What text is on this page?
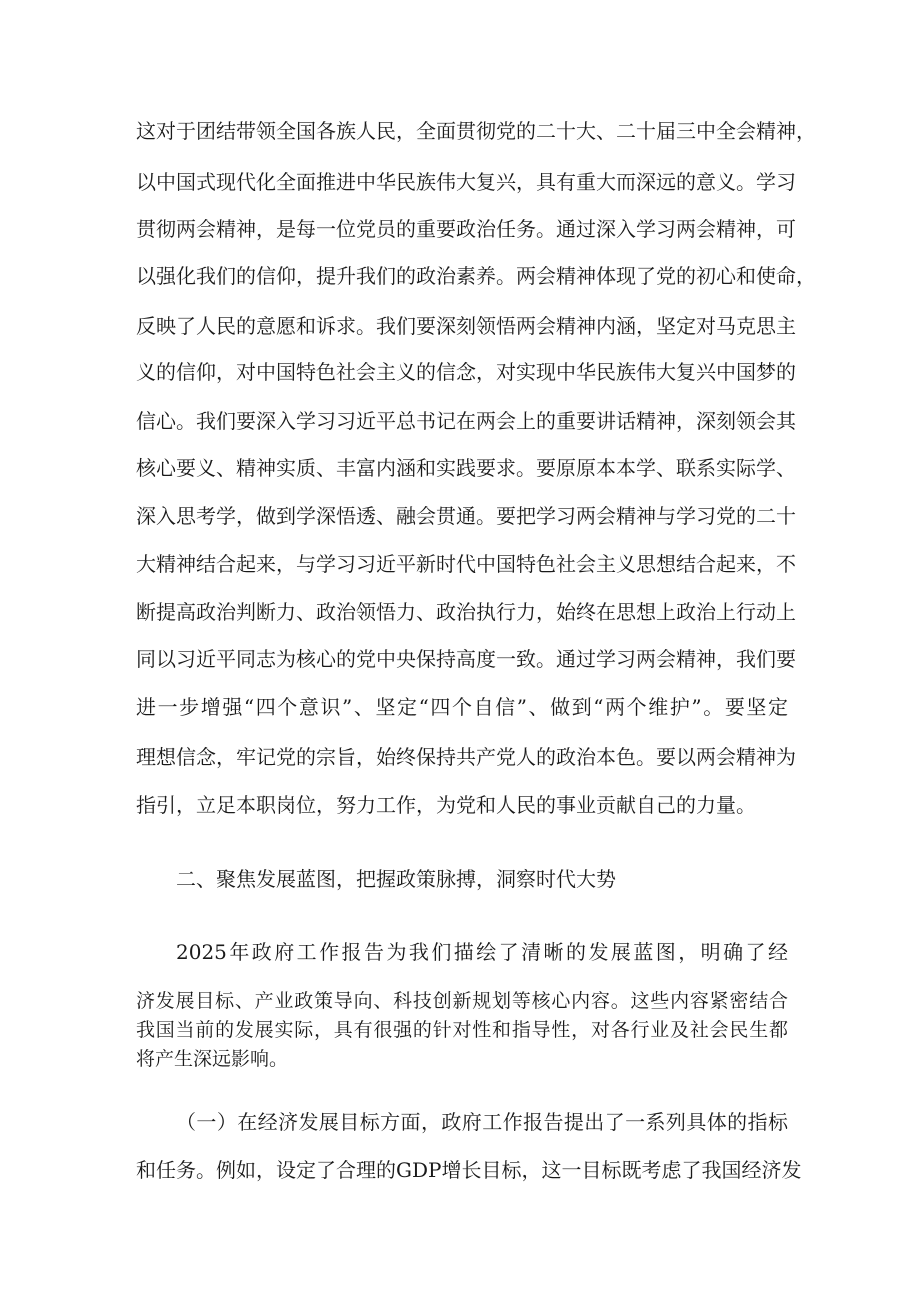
这对于团结带领全国各族人民，全面贯彻党的二十大、二十届三中全会精神，
以中国式现代化全面推进中华民族伟大复兴，具有重大而深远的意义。学习
贯彻两会精神，是每一位党员的重要政治任务。通过深入学习两会精神，可
以强化我们的信仰，提升我们的政治素养。两会精神体现了党的初心和使命，
反映了人民的意愿和诉求。我们要深刻领悟两会精神内涵，坚定对马克思主
义的信仰，对中国特色社会主义的信念，对实现中华民族伟大复兴中国梦的
信心。我们要深入学习习近平总书记在两会上的重要讲话精神，深刻领会其
核心要义、精神实质、丰富内涵和实践要求。要原原本本学、联系实际学、
深入思考学，做到学深悟透、融会贯通。要把学习两会精神与学习党的二十
大精神结合起来，与学习习近平新时代中国特色社会主义思想结合起来，不
断提高政治判断力、政治领悟力、政治执行力，始终在思想上政治上行动上
同以习近平同志为核心的党中央保持高度一致。通过学习两会精神，我们要
进一步增强“四个意识”、坚定“四个自信”、做到“两个维护”。要坚定
理想信念，牢记党的宗旨，始终保持共产党人的政治本色。要以两会精神为
指引，立足本职岗位，努力工作，为党和人民的事业贡献自己的力量。
二、聚焦发展蓝图，把握政策脉搏，洞察时代大势
2025年政府工作报告为我们描绘了清晰的发展蓝图，明确了经
济发展目标、产业政策导向、科技创新规划等核心内容。这些内容紧密结合
我国当前的发展实际，具有很强的针对性和指导性，对各行业及社会民生都
将产生深远影响。
（一）在经济发展目标方面，政府工作报告提出了一系列具体的指标
和任务。例如，设定了合理的GDP增长目标，这一目标既考虑了我国经济发
